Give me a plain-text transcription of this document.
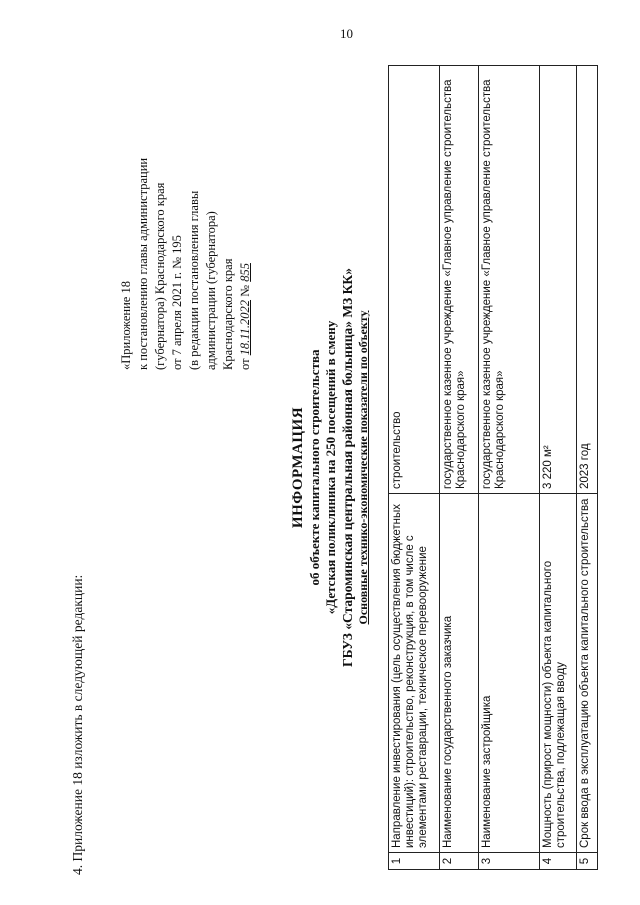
10
4. Приложение 18 изложить в следующей редакции:
«Приложение 18 к постановлению главы администрации (губернатора) Краснодарского края от 7 апреля 2021 г. № 195 (в редакции постановления главы администрации (губернатора) Краснодарского края от 18.11.2022 № 855
ИНФОРМАЦИЯ об объекте капитального строительства «Детская поликлиника на 250 посещений в смену ГБУЗ «Староминская центральная районная больница» МЗ КК» Основные технико-экономические показатели по объекту
1	Направление инвестирования (цель осуществления бюджетных инвестиций): строительство, реконструкция, в том числе с элементами реставрации, техническое перевооружение	строительство
2	Наименование государственного заказчика	государственное казенное учреждение «Главное управление строительства Краснодарского края»
3	Наименование застройщика	государственное казенное учреждение «Главное управление строительства Краснодарского края»
4	Мощность (прирост мощности) объекта капитального строительства, подлежащая вводу	3 220 м²
5	Срок ввода в эксплуатацию объекта капитального строительства	2023 год
